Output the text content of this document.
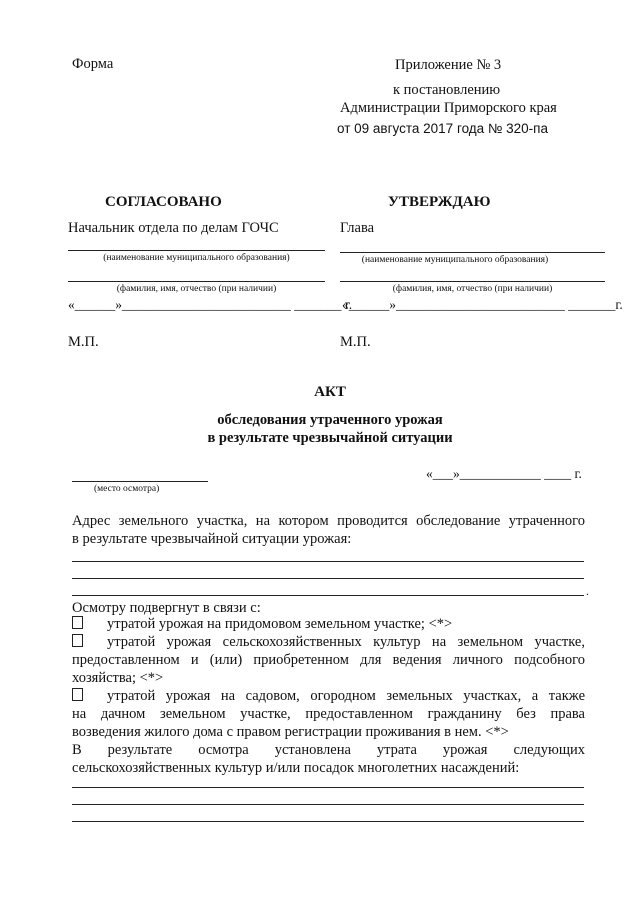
Форма	Приложение № 3
к постановлению
Администрации Приморского края
от 09 августа 2017 года № 320-па
СОГЛАСОВАНО
Начальник отдела по делам ГОЧС
(наименование муниципального образования)
(фамилия, имя, отчество (при наличии)
«______»_________________________ _______ г.
М.П.
УТВЕРЖДАЮ
Глава
(наименование муниципального образования)
(фамилия, имя, отчество (при наличии)
«______»_________________________ _______г.
М.П.
АКТ
обследования утраченного урожая
в результате чрезвычайной ситуации
(место осмотра)
«___»____________ ____ г.
Адрес земельного участка, на котором проводится обследование утраченного
в результате чрезвычайной ситуации урожая:
.
Осмотру подвергнут в связи с:
утратой урожая на придомовом земельном участке; <*>
утратой урожая сельскохозяйственных культур на земельном участке,
предоставленном и (или) приобретенном для ведения личного подсобного
хозяйства; <*>
утратой урожая на садовом, огородном земельных участках, а также
на дачном земельном участке, предоставленном гражданину без права
возведения жилого дома с правом регистрации проживания в нем. <*>
В результате осмотра установлена утрата урожая следующих
сельскохозяйственных культур и/или посадок многолетних насаждений:
